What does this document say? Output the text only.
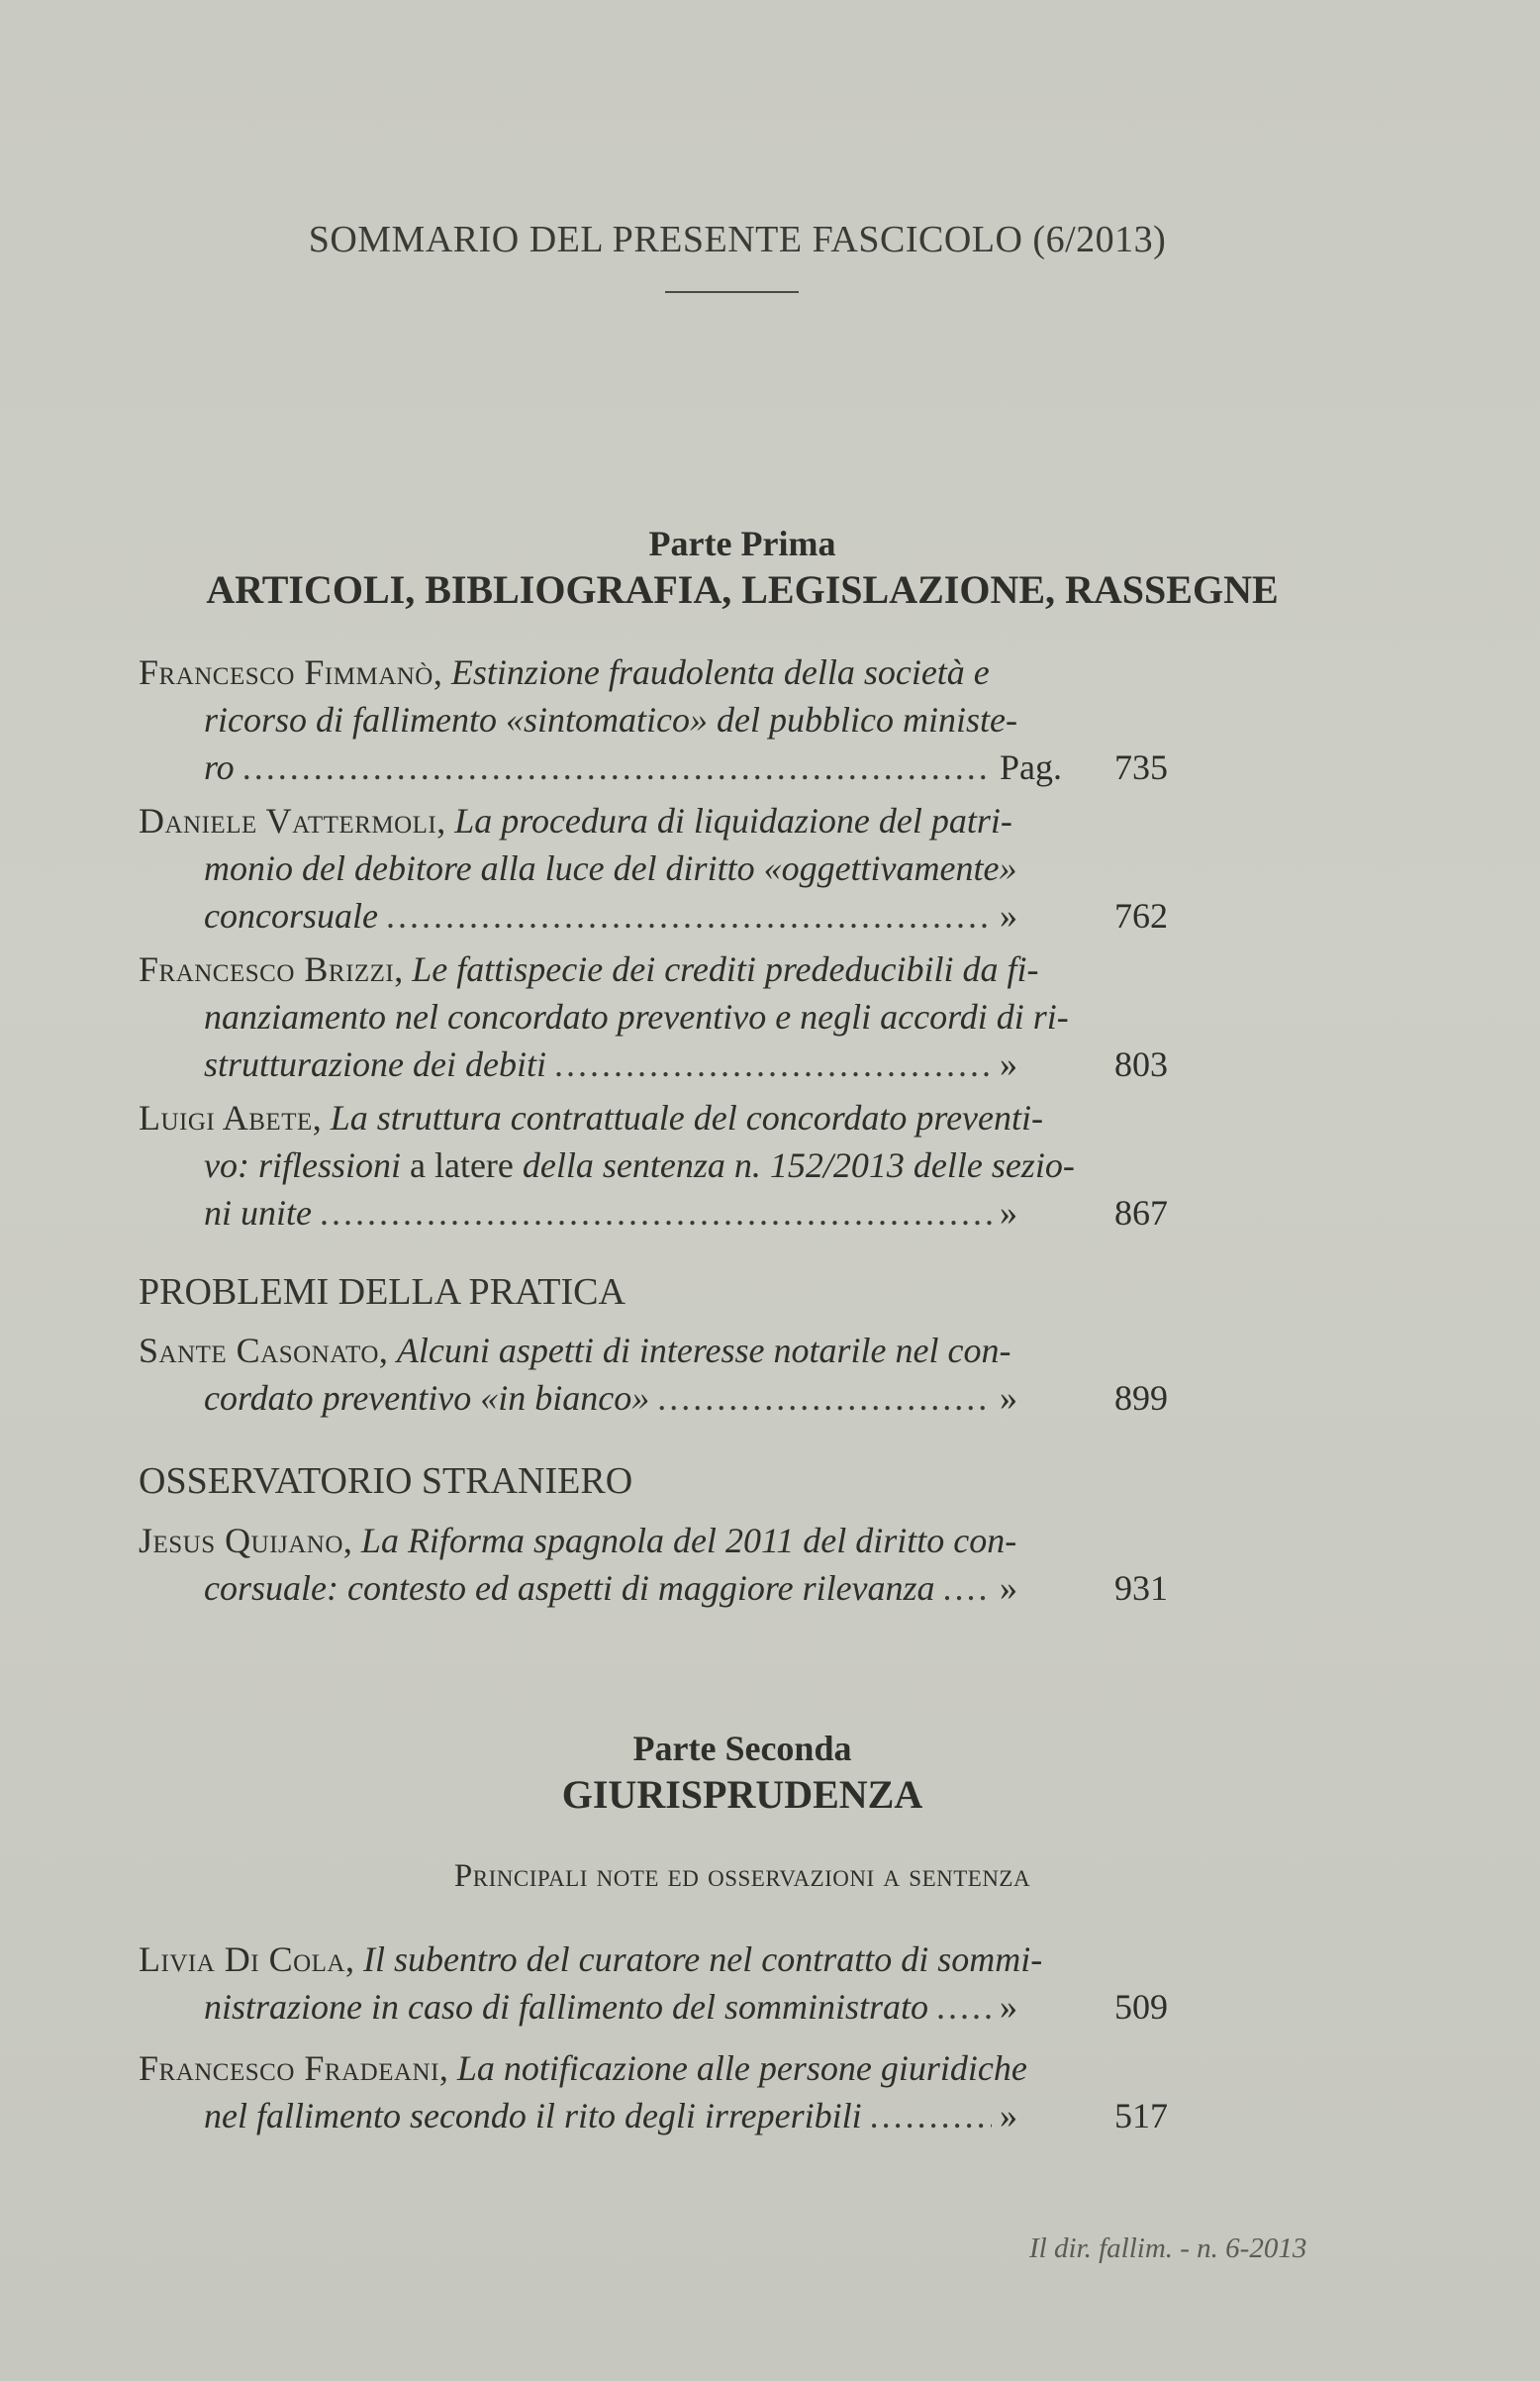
SOMMARIO DEL PRESENTE FASCICOLO (6/2013)
Parte Prima
ARTICOLI, BIBLIOGRAFIA, LEGISLAZIONE, RASSEGNE
Francesco Fimmanò, Estinzione fraudolenta della società e
ricorso di fallimento «sintomatico» del pubblico ministe-
ro .....	Pag. 735
Daniele Vattermoli, La procedura di liquidazione del patri-
monio del debitore alla luce del diritto «oggettivamente»
concorsuale .....	»	762
Francesco Brizzi, Le fattispecie dei crediti prededucibili da fi-
nanziamento nel concordato preventivo e negli accordi di ri-
strutturazione dei debiti .....	»	803
Luigi Abete, La struttura contrattuale del concordato preventi-
vo: riflessioni a latere della sentenza n. 152/2013 delle sezio-
ni unite .....	»	867
PROBLEMI DELLA PRATICA
Sante Casonato, Alcuni aspetti di interesse notarile nel con-
cordato preventivo «in bianco» .....	»	899
OSSERVATORIO STRANIERO
Jesus Quijano, La Riforma spagnola del 2011 del diritto con-
corsuale: contesto ed aspetti di maggiore rilevanza ..... »	931
Parte Seconda
GIURISPRUDENZA
Principali note ed osservazioni a sentenza
Livia Di Cola, Il subentro del curatore nel contratto di sommi-
nistrazione in caso di fallimento del somministrato ..... »	509
Francesco Fradeani, La notificazione alle persone giuridiche
nel fallimento secondo il rito degli irreperibili .....	»	517
Il dir. fallim. - n. 6-2013
